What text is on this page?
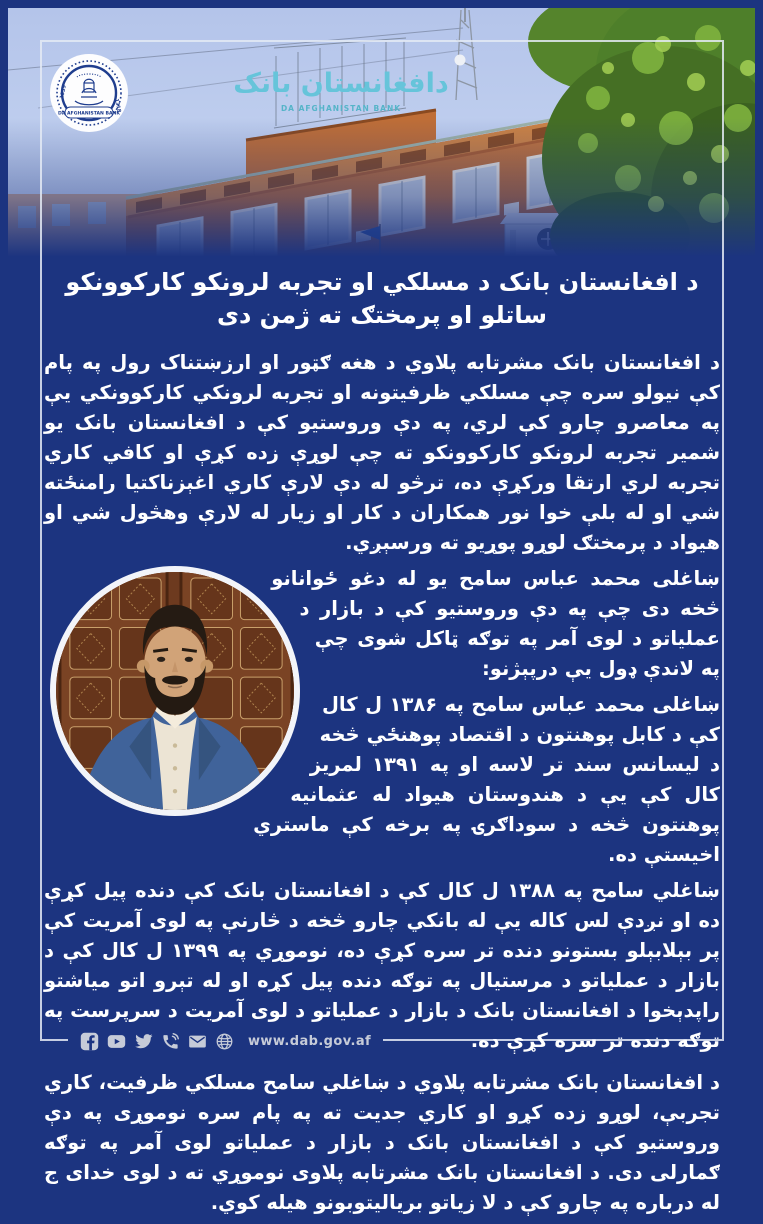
دافغانستان بانک
DA AFGHANISTAN BANK
1939
1318
DA AFGHANISTAN BANK
د افغانستان بانک د مسلکي او تجربه لرونکو کارکوونکو ساتلو او پرمختګ ته ژمن دی

د افغانستان بانک مشرتابه پلاوي د هغه ګټور او ارزښتناک رول په پام کې نیولو سره چې مسلکي ظرفیتونه او تجربه لرونکي کارکوونکي یې په معاصرو چارو کې لري، په دې وروستیو کې د افغانستان بانک یو شمیر تجربه لرونکو کارکوونکو ته چې لوړې زده کړې او کافي کاري تجربه لري ارتقا ورکړې ده، ترڅو له دې لارې کاري اغېزناکتیا رامنځته شي او له بلې خوا نور همکاران د کار او زیار له لارې وهڅول شي او هیواد د پرمختګ لوړو پوړیو ته ورسېږي.

ښاغلی محمد عباس سامح یو له دغو ځوانانو څخه دی چې په دې وروستیو کې د بازار د عملیاتو د لوی آمر په توګه ټاکل شوی چې په لاندې ډول یې درپېژنو:

ښاغلی محمد عباس سامح په ۱۳۸۶ ل کال کې د کابل پوهنتون د اقتصاد پوهنځي څخه د لیسانس سند تر لاسه او په ۱۳۹۱ لمریز کال کې یې د هندوستان هیواد له عثمانیه پوهنتون څخه د سوداګرۍ په برخه کې ماستري اخیستې ده.

ښاغلي سامح په ۱۳۸۸ ل کال کې د افغانستان بانک کې دنده پیل کړې ده او نږدې لس کاله یې له بانکي چارو څخه د څارنې په لوی آمریت کې پر بېلابېلو بستونو دنده تر سره کړې ده، نوموړي په ۱۳۹۹ ل کال کې د بازار د عملیاتو د مرستیال په توګه دنده پیل کړه او له تېرو اتو میاشتو راپدېخوا د افغانستان بانک د بازار د عملیاتو د لوی آمریت د سرپرست په توګه دنده تر سره کړې ده.

د افغانستان بانک مشرتابه پلاوي د ښاغلي سامح مسلکي ظرفیت، کاري تجربې، لوړو زده کړو او کاري جدیت ته په پام سره نوموړی په دې وروستیو کې د افغانستان بانک د بازار د عملیاتو لوی آمر په توګه ګمارلی دی. د افغانستان بانک مشرتابه پلاوی نوموړي ته د لوی خدای ج له درباره په چارو کې د لا زیاتو بریالیتوبونو هیله کوي.

www.dab.gov.af
